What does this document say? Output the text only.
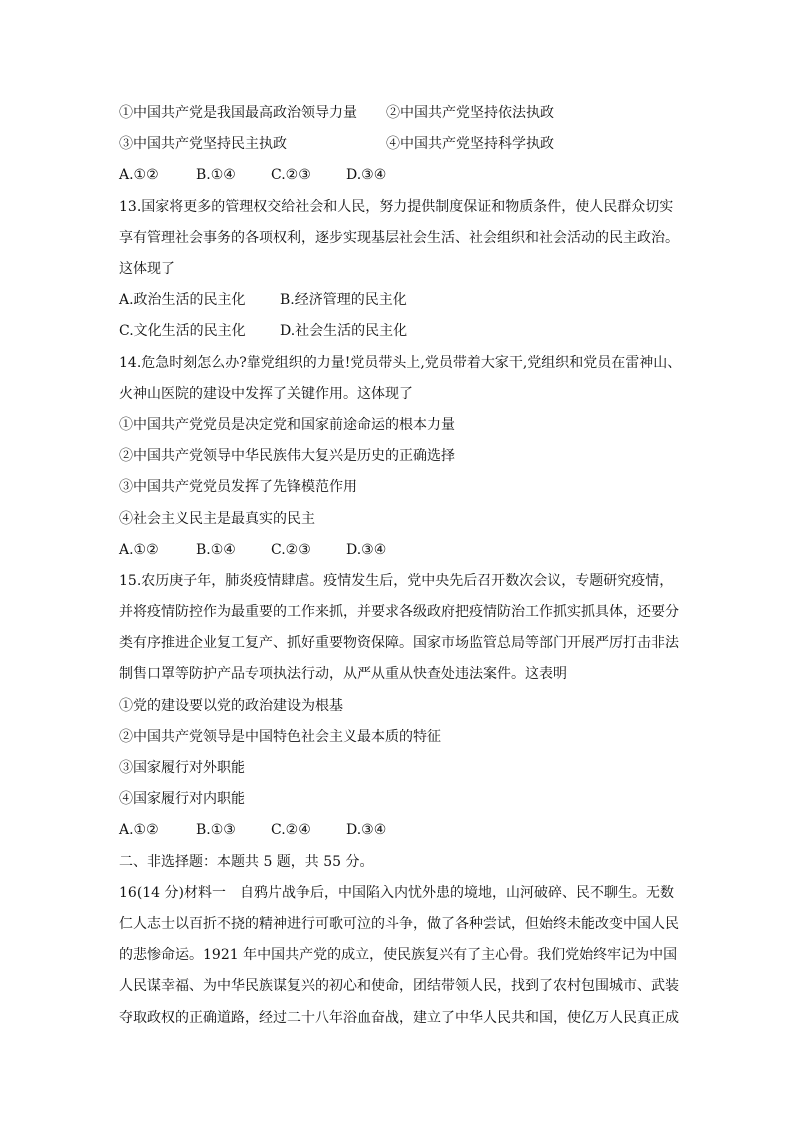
①中国共产党是我国最高政治领导力量 ②中国共产党坚持依法执政
③中国共产党坚持民主执政	④中国共产党坚持科学执政
A.①②	B.①④	C.②③	D.③④
13.国家将更多的管理权交给社会和人民，努力提供制度保证和物质条件，使人民群众切实
享有管理社会事务的各项权利，逐步实现基层社会生活、社会组织和社会活动的民主政治。
这体现了
A.政治生活的民主化 B.经济管理的民主化
C.文化生活的民主化 D.社会生活的民主化
14.危急时刻怎么办?靠党组织的力量!党员带头上,党员带着大家干,党组织和党员在雷神山、
火神山医院的建设中发挥了关键作用。这体现了
①中国共产党党员是决定党和国家前途命运的根本力量
②中国共产党领导中华民族伟大复兴是历史的正确选择
③中国共产党党员发挥了先锋模范作用
④社会主义民主是最真实的民主
A.①②	B.①④	C.②③	D.③④
15.农历庚子年，肺炎疫情肆虐。疫情发生后，党中央先后召开数次会议，专题研究疫情，
并将疫情防控作为最重要的工作来抓，并要求各级政府把疫情防治工作抓实抓具体，还要分
类有序推进企业复工复产、抓好重要物资保障。国家市场监管总局等部门开展严厉打击非法
制售口罩等防护产品专项执法行动，从严从重从快查处违法案件。这表明
①党的建设要以党的政治建设为根基
②中国共产党领导是中国特色社会主义最本质的特征
③国家履行对外职能
④国家履行对内职能
A.①②	B.①③	C.②④	D.③④
二、非选择题：本题共 5 题，共 55 分。
16(14 分)材料一　自鸦片战争后，中国陷入内忧外患的境地，山河破碎、民不聊生。无数
仁人志士以百折不挠的精神进行可歌可泣的斗争，做了各种尝试，但始终未能改变中国人民
的悲惨命运。1921 年中国共产党的成立，使民族复兴有了主心骨。我们党始终牢记为中国
人民谋幸福、为中华民族谋复兴的初心和使命，团结带领人民，找到了农村包围城市、武装
夺取政权的正确道路，经过二十八年浴血奋战，建立了中华人民共和国，使亿万人民真正成
